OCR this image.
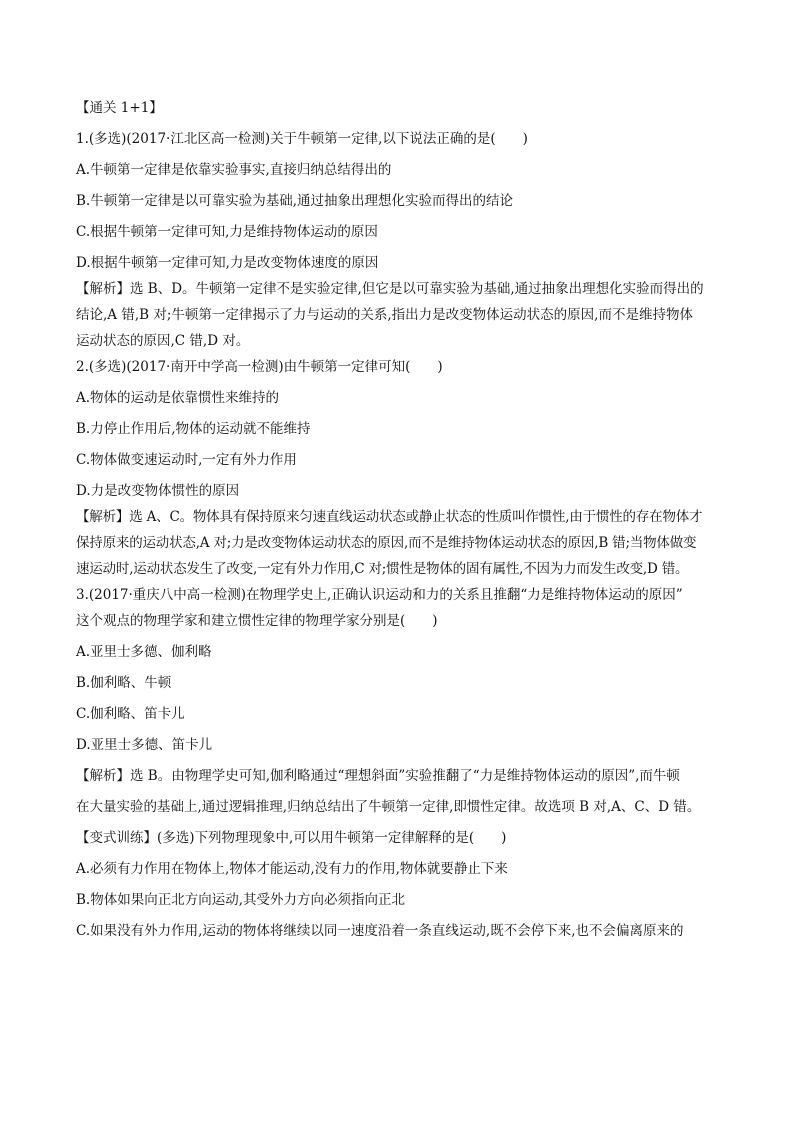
【通关 1+1】

1.(多选)(2017·江北区高一检测)关于牛顿第一定律,以下说法正确的是(　　)

A.牛顿第一定律是依靠实验事实,直接归纳总结得出的

B.牛顿第一定律是以可靠实验为基础,通过抽象出理想化实验而得出的结论

C.根据牛顿第一定律可知,力是维持物体运动的原因

D.根据牛顿第一定律可知,力是改变物体速度的原因

【解析】选 B、D。牛顿第一定律不是实验定律,但它是以可靠实验为基础,通过抽象出理想化实验而得出的

结论,A 错,B 对;牛顿第一定律揭示了力与运动的关系,指出力是改变物体运动状态的原因,而不是维持物体

运动状态的原因,C 错,D 对。

2.(多选)(2017·南开中学高一检测)由牛顿第一定律可知(　　)

A.物体的运动是依靠惯性来维持的

B.力停止作用后,物体的运动就不能维持

C.物体做变速运动时,一定有外力作用

D.力是改变物体惯性的原因

【解析】选 A、C。物体具有保持原来匀速直线运动状态或静止状态的性质叫作惯性,由于惯性的存在物体才

保持原来的运动状态,A 对;力是改变物体运动状态的原因,而不是维持物体运动状态的原因,B 错;当物体做变

速运动时,运动状态发生了改变,一定有外力作用,C 对;惯性是物体的固有属性,不因为力而发生改变,D 错。

3.(2017·重庆八中高一检测)在物理学史上,正确认识运动和力的关系且推翻“力是维持物体运动的原因”

这个观点的物理学家和建立惯性定律的物理学家分别是(　　)

A.亚里士多德、伽利略

B.伽利略、牛顿

C.伽利略、笛卡儿

D.亚里士多德、笛卡儿

【解析】选 B。由物理学史可知,伽利略通过“理想斜面”实验推翻了“力是维持物体运动的原因”,而牛顿

在大量实验的基础上,通过逻辑推理,归纳总结出了牛顿第一定律,即惯性定律。故选项 B 对,A、C、D 错。

【变式训练】(多选)下列物理现象中,可以用牛顿第一定律解释的是(　　)

A.必须有力作用在物体上,物体才能运动,没有力的作用,物体就要静止下来

B.物体如果向正北方向运动,其受外力方向必须指向正北

C.如果没有外力作用,运动的物体将继续以同一速度沿着一条直线运动,既不会停下来,也不会偏离原来的
